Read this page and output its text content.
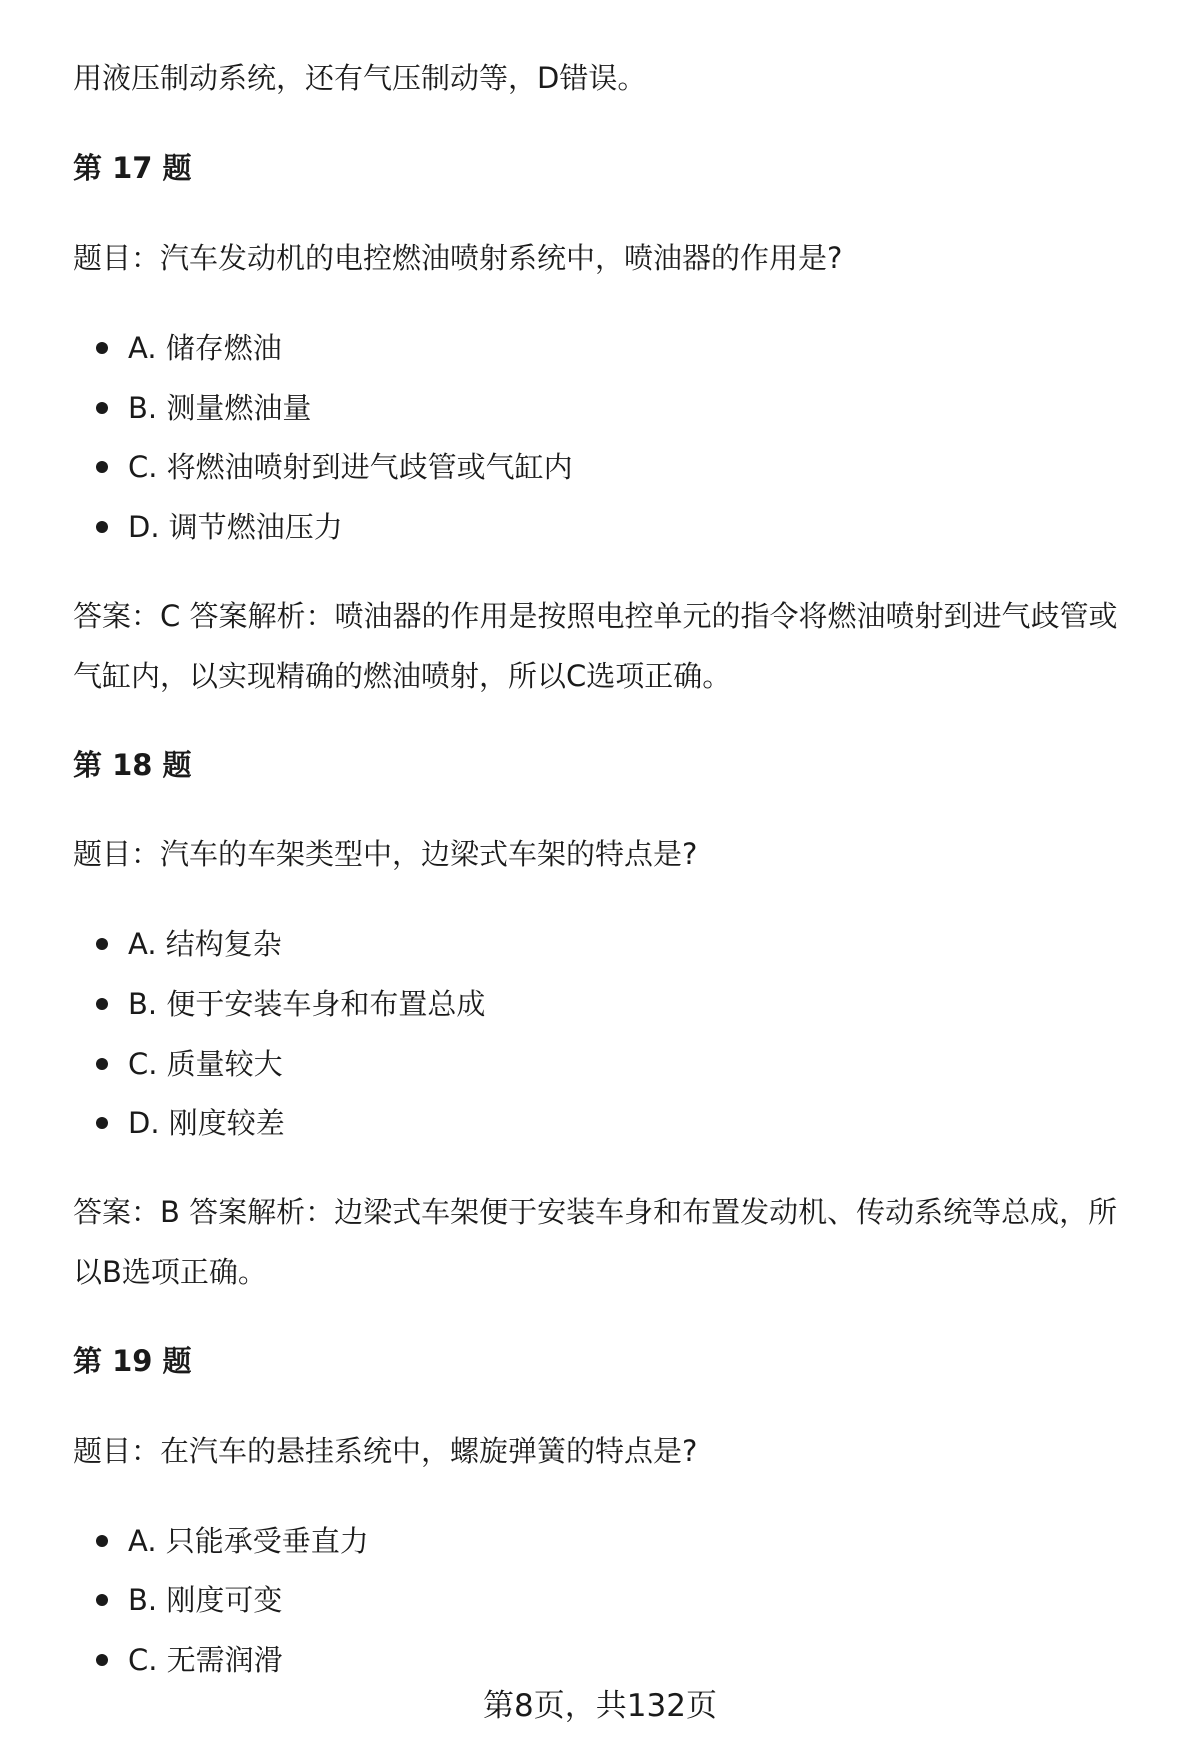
用液压制动系统，还有气压制动等，D错误。
第 17 题
题目：汽车发动机的电控燃油喷射系统中，喷油器的作用是?
A. 储存燃油
B. 测量燃油量
C. 将燃油喷射到进气歧管或气缸内
D. 调节燃油压力
答案：C 答案解析：喷油器的作用是按照电控单元的指令将燃油喷射到进气歧管或
气缸内，以实现精确的燃油喷射，所以C选项正确。
第 18 题
题目：汽车的车架类型中，边梁式车架的特点是?
A. 结构复杂
B. 便于安装车身和布置总成
C. 质量较大
D. 刚度较差
答案：B 答案解析：边梁式车架便于安装车身和布置发动机、传动系统等总成，所
以B选项正确。
第 19 题
题目：在汽车的悬挂系统中，螺旋弹簧的特点是?
A. 只能承受垂直力
B. 刚度可变
C. 无需润滑
第8页，共132页
